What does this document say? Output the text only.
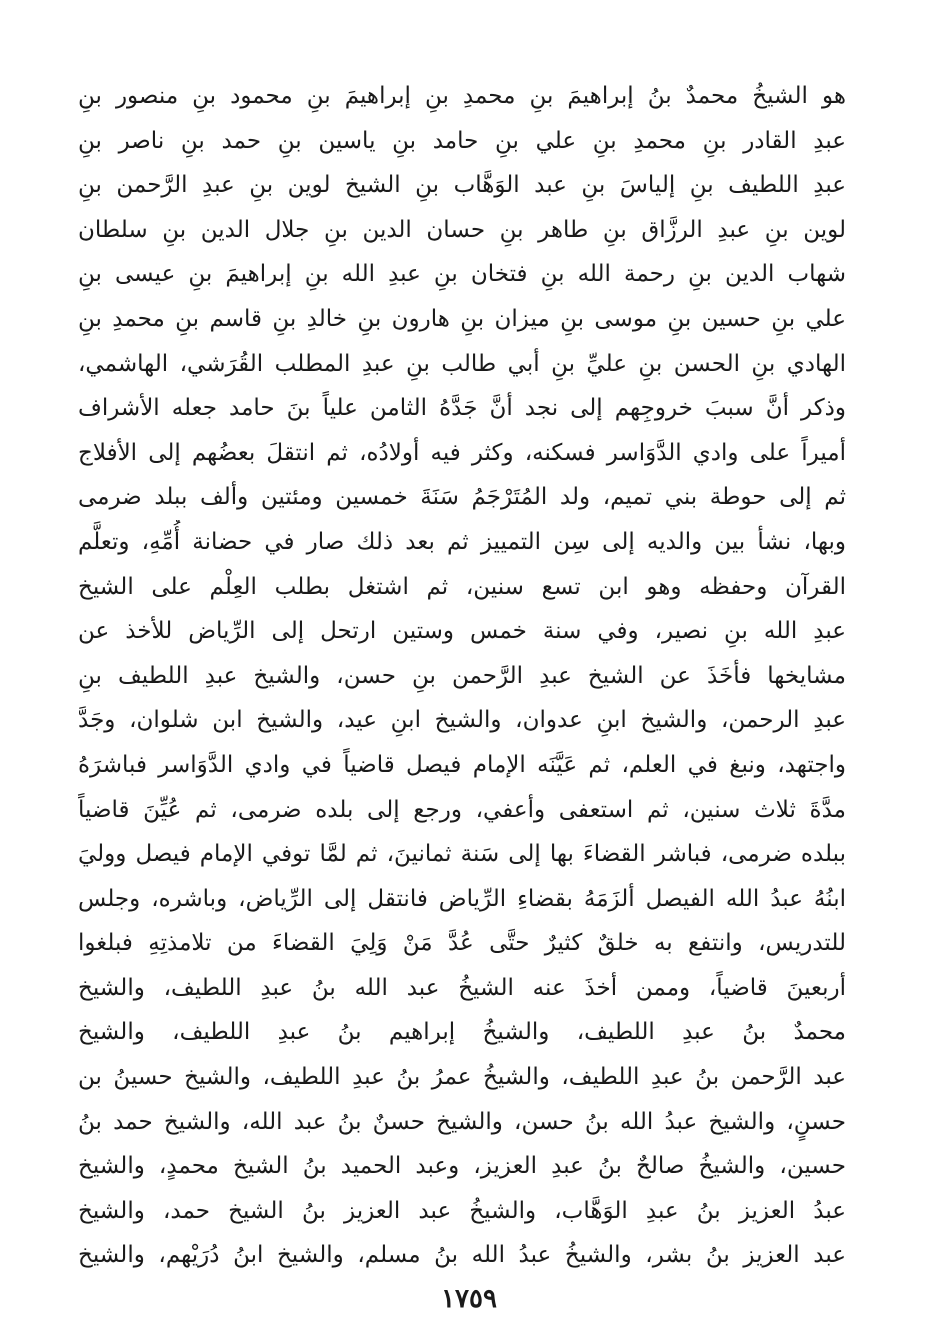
هو الشيخُ محمدٌ بنُ إبراهيمَ بنِ محمدِ بنِ إبراهيمَ بنِ محمود بنِ منصور بنِ
عبدِ القادر بنِ محمدِ بنِ علي بنِ حامد بنِ ياسين بنِ حمد بنِ ناصر بنِ
عبدِ اللطيف بنِ إلياسَ بنِ عبد الوَهَّاب بنِ الشيخ لوين بنِ عبدِ الرَّحمن بنِ
لوين بنِ عبدِ الرزَّاق بنِ طاهر بنِ حسان الدين بنِ جلال الدين بنِ سلطان
شهاب الدين بنِ رحمة الله بنِ فتخان بنِ عبدِ الله بنِ إبراهيمَ بنِ عيسى بنِ
علي بنِ حسين بنِ موسى بنِ ميزان بنِ هارون بنِ خالدِ بنِ قاسم بنِ محمدِ بنِ
الهادي بنِ الحسن بنِ عليِّ بنِ أبي طالب بنِ عبدِ المطلب القُرَشي، الهاشمي،
وذكر أنَّ سببَ خروجِهم إلى نجد أنَّ جَدَّهُ الثامن علياً بنَ حامد جعله الأشراف
أميراً على وادي الدَّوَاسر فسكنه، وكثر فيه أولادُه، ثم انتقلَ بعضُهم إلى الأفلاج
ثم إلى حوطة بني تميم، ولد المُتَرْجَمُ سَنَةَ خمسين ومئتين وألف ببلد ضرمى
وبها، نشأ بين والديه إلى سِن التمييز ثم بعد ذلك صار في حضانة أُمِّهِ، وتعلَّم
القرآن وحفظه وهو ابن تسع سنين، ثم اشتغل بطلب العِلْم على الشيخ
عبدِ الله بنِ نصير، وفي سنة خمس وستين ارتحل إلى الرِّياض للأخذ عن
مشايخها فأخَذَ عن الشيخ عبدِ الرَّحمن بنِ حسن، والشيخ عبدِ اللطيف بنِ
عبدِ الرحمن، والشيخ ابنِ عدوان، والشيخ ابنِ عيد، والشيخ ابن شلوان، وجَدَّ
واجتهد، ونبغ في العلم، ثم عَيَّنَه الإمام فيصل قاضياً في وادي الدَّوَاسر فباشرَهُ
مدَّةَ ثلاث سنين، ثم استعفى وأعفي، ورجع إلى بلده ضرمى، ثم عُيِّنَ قاضياً
ببلده ضرمى، فباشر القضاءَ بها إلى سَنة ثمانينَ، ثم لمَّا توفي الإمام فيصل ووليَ
ابنُهُ عبدُ الله الفيصل ألزَمَهُ بقضاءِ الرِّياض فانتقل إلى الرِّياض، وباشره، وجلس
للتدريس، وانتفع به خلقٌ كثيرٌ حتَّى عُدَّ مَنْ وَلِيَ القضاءَ من تلامذتِهِ فبلغوا
أربعينَ قاضياً، وممن أخذَ عنه الشيخُ عبد الله بنُ عبدِ اللطيف، والشيخ
محمدٌ بنُ عبدِ اللطيف، والشيخُ إبراهيم بنُ عبدِ اللطيف، والشيخ
عبد الرَّحمن بنُ عبدِ اللطيف، والشيخُ عمرُ بنُ عبدِ اللطيف، والشيخ حسينُ بن
حسنٍ، والشيخ عبدُ الله بنُ حسن، والشيخ حسنٌ بنُ عبد الله، والشيخ حمد بنُ
حسين، والشيخُ صالحٌ بنُ عبدِ العزيز، وعبد الحميد بنُ الشيخ محمدٍ، والشيخ
عبدُ العزيز بنُ عبدِ الوَهَّاب، والشيخُ عبد العزيز بنُ الشيخ حمد، والشيخ
عبد العزيز بنُ بشر، والشيخُ عبدُ الله بنُ مسلم، والشيخ ابنُ دُرَيْهم، والشيخ
١٧٥٩
